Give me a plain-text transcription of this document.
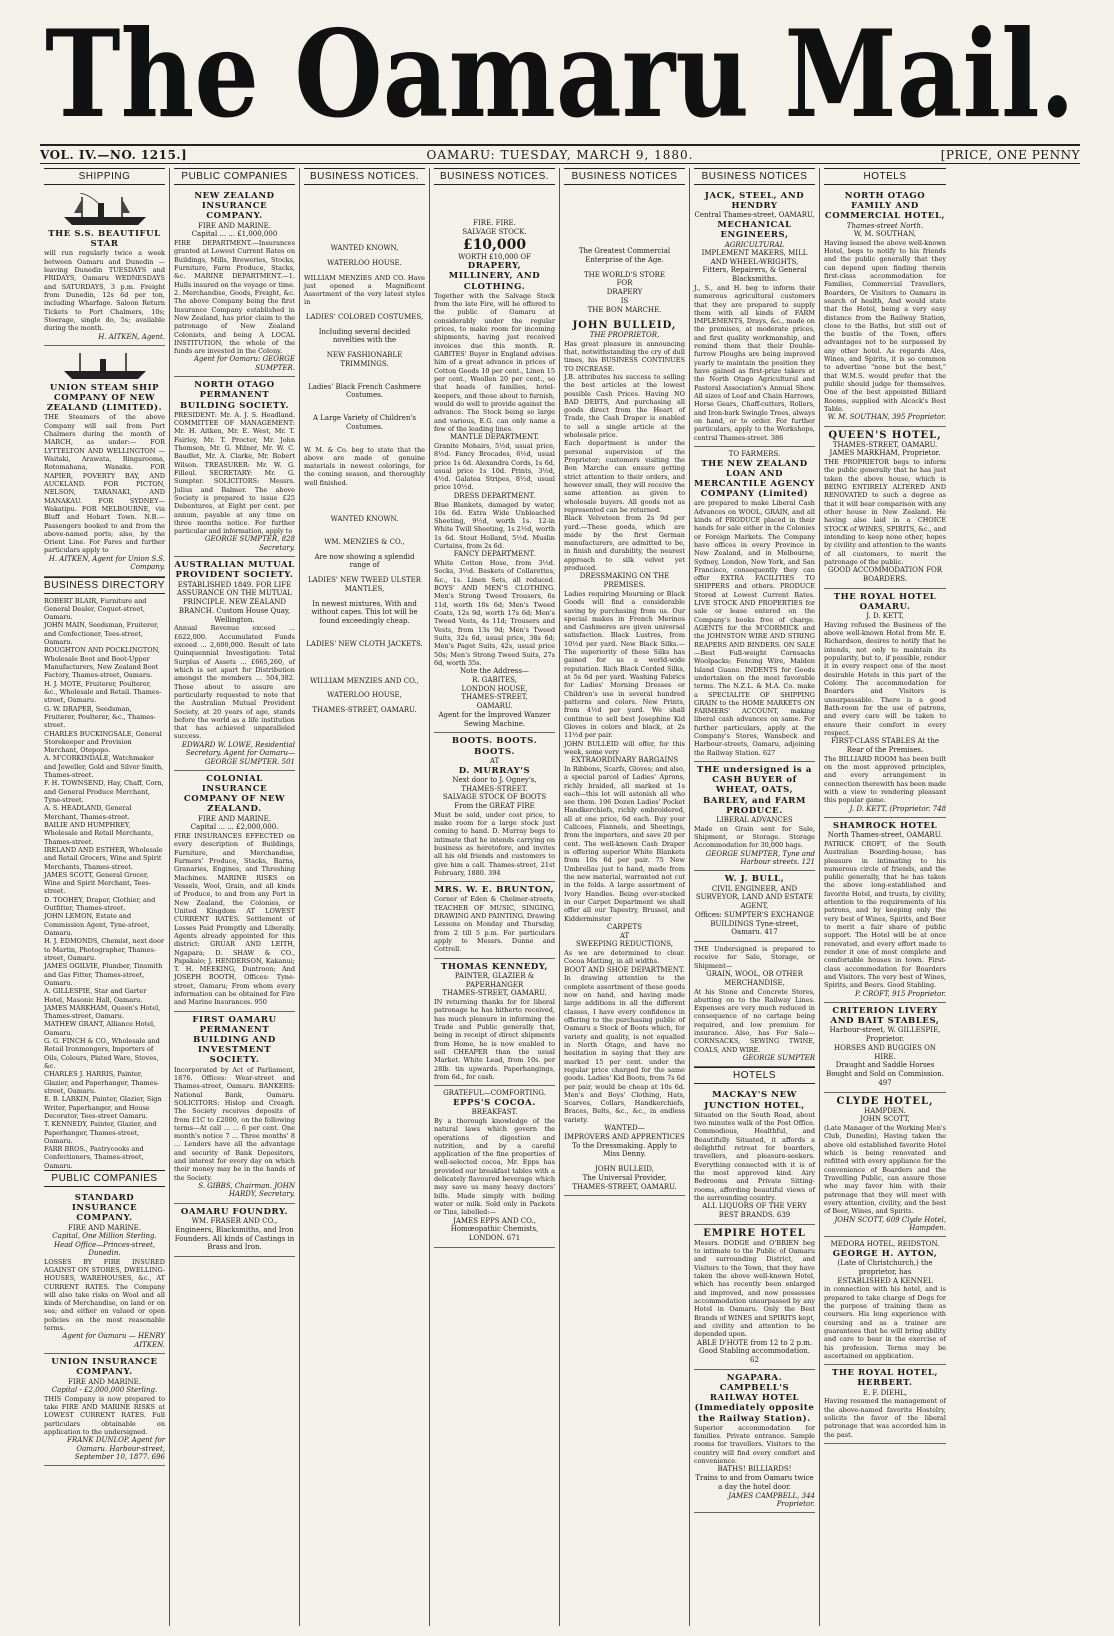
The Oamaru Mail.
VOL. IV.—NO. 1215.]	OAMARU: TUESDAY, MARCH 9, 1880.	[PRICE, ONE PENNY
SHIPPING
THE S.S. BEAUTIFUL STAR
will run regularly twice a week between Oamaru and Dunedin — leaving Dunedin TUESDAYS and FRIDAYS, Oamaru WEDNESDAYS and SATURDAYS, 3 p.m. Freight from Dunedin, 12s 6d per ton, including Wharfage. Saloon Return Tickets to Port Chalmers, 10s; Steerage, single do, 5s; available during the month.
H. AITKEN, Agent.
UNION STEAM SHIP COMPANY OF NEW ZEALAND (LIMITED).
THE Steamers of the above Company will sail from Port Chalmers during the month of MARCH, as under:— FOR LYTTELTON AND WELLINGTON — Waitaki, Arawata, Ringarooma, Rotomahana, Wanaka. FOR NAPIER, POVERTY BAY, AND AUCKLAND. FOR PICTON, NELSON, TARANAKI, AND MANAKAU. FOR SYDNEY—Wakatipu. FOR MELBOURNE, via Bluff and Hobart Town. N.B.—Passengers booked to and from the above-named ports; also, by the Orient Line. For Fares and further particulars apply to
H. AITKEN, Agent for Union S.S. Company.
BUSINESS DIRECTORY
ROBERT BLAIR, Furniture and General Dealer, Coquet-street, Oamaru.
JOHN MAIN, Seedsman, Fruiterer, and Confectioner, Tees-street, Oamaru.
ROUGHTON AND POCKLINGTON, Wholesale Boot and Boot-Upper Manufacturers, New Zealand Boot Factory, Thames-street, Oamaru.
H. J. MOTE, Fruiterer, Poulterer, &c., Wholesale and Retail. Thames-street, Oamaru.
G. W. DRAPER, Seedsman, Fruiterer, Poulterer, &c., Thames-street.
CHARLES BUCKINGSALE, General Storekeeper and Provision Merchant, Otepopo.
A. M'CORKINDALE, Watchmaker and Jeweller, Gold and Silver Smith, Thames-street.
F. H. TOWNSEND, Hay, Chaff, Corn, and General Produce Merchant, Tyne-street.
A. S. HEADLAND, General Merchant, Thames-street.
BAILIE AND HUMPHREY, Wholesale and Retail Merchants, Thames-street.
IRELAND AND ESTHER, Wholesale and Retail Grocers, Wine and Spirit Merchants, Thames-street.
JAMES SCOTT, General Grocer, Wine and Spirit Merchant, Tees-street.
D. TOOHEY, Draper, Clothier, and Outfitter, Thames-street.
JOHN LEMON, Estate and Commission Agent, Tyne-street, Oamaru.
H. J. EDMONDS, Chemist, next door to Martin, Photographer, Thames-street, Oamaru.
JAMES OGILVIE, Plumber, Tinsmith and Gas Fitter, Thames-street, Oamaru.
A. GILLESPIE, Star and Garter Hotel, Masonic Hall, Oamaru.
JAMES MARKHAM, Queen's Hotel, Thames-street, Oamaru.
MATHEW GRANT, Alliance Hotel, Oamaru.
G. G. FINCH & CO., Wholesale and Retail Ironmongers, Importers of Oils, Colours, Plated Ware, Stoves, &c.
CHARLES J. HARRIS, Painter, Glazier, and Paperhanger, Thames-street, Oamaru.
E. B. LARKIN, Painter, Glazier, Sign Writer, Paperhanger, and House Decorator, Tees-street Oamaru.
T. KENNEDY, Painter, Glazier, and Paperhanger, Thames-street, Oamaru.
FARR BROS., Pastrycooks and Confectioners, Thames-street, Oamaru.
PUBLIC COMPANIES
STANDARD INSURANCE COMPANY.
FIRE AND MARINE.
Capital, One Million Sterling. Head Office—Princes-street, Dunedin.
LOSSES BY FIRE INSURED AGAINST ON STORES, DWELLING-HOUSES, WAREHOUSES, &c., AT CURRENT RATES. The Company will also take risks on Wool and all kinds of Merchandise, on land or on sea; and either on valued or open policies on the most reasonable terms.
Agent for Oamaru — HENRY AITKEN.
UNION INSURANCE COMPANY.
FIRE AND MARINE.
Capital - £2,000,000 Sterling.
THIS Company is now prepared to take FIRE AND MARINE RISKS at LOWEST CURRENT RATES. Full particulars obtainable on application to the undersigned.
FRANK DUNLOP, Agent for Oamaru. Harbour-street, September 10, 1877. 696
PUBLIC COMPANIES
NEW ZEALAND INSURANCE COMPANY.
FIRE AND MARINE.
Capital ... ... £1,000,000
FIRE DEPARTMENT.—Insurances granted at Lowest Current Rates on Buildings, Mills, Breweries, Stocks, Furniture, Farm Produce, Stacks, &c. MARINE DEPARTMENT.—1. Hulls insured on the voyage or time. 2. Merchandise, Goods, Freight, &c. The above Company being the first Insurance Company established in New Zealand, has prior claim to the patronage of New Zealand Colonists, and being A LOCAL INSTITUTION, the whole of the funds are invested in the Colony.
Agent for Oamaru: GEORGE SUMPTER.
NORTH OTAGO PERMANENT BUILDING SOCIETY.
PRESIDENT: Mr. A. J. S. Headland. COMMITTEE OF MANAGEMENT: Mr. H. Aitken, Mr. E. West, Mr. T. Fairley, Mr. T. Procter, Mr. John Thomson, Mr. G. Milner, Mr. W. C. Baudlet, Mr. A. Clarke, Mr. Robert Wilson. TREASURER: Mr. W. G. Filleul. SECRETARY: Mr. G. Sumpter. SOLICITORS: Messrs. Julius and Balmer. The above Society is prepared to issue £25 Debentures, at Eight per cent. per annum, payable at any time on three months notice. For further particular and information, apply to
GEORGE SUMPTER, 828 Secretary.
AUSTRALIAN MUTUAL PROVIDENT SOCIETY.
ESTABLISHED 1849. FOR LIFE ASSURANCE ON THE MUTUAL PRINCIPLE. NEW ZEALAND BRANCH. Custom House Quay, Wellington.
Annual Revenue exceed ... £622,000. Accumulated Funds exceed ... 2,600,000. Result of late Quinquennial Investigation: Total Surplus of Assets ... £665,260, of which is set apart for Distribution amongst the members ... 504,382. Those about to assure are particularly requested to note that the Australian Mutual Provident Society, at 20 years of age, stands before the world as a life institution that has achieved unparalleled success.
EDWARD W. LOWE, Residential Secretary. Agent for Oamaru— GEORGE SUMPTER. 501
COLONIAL INSURANCE COMPANY OF NEW ZEALAND.
FIRE AND MARINE.
Capital ... ... £2,000,000.
FIRE INSURANCES EFFECTED on every description of Buildings, Furniture, and Merchandise, Farmers' Produce, Stacks, Barns, Granaries, Engines, and Threshing Machines. MARINE RISKS on Vessels, Wool, Grain, and all kinds of Produce, to and from any Port in New Zealand, the Colonies, or United Kingdom AT LOWEST CURRENT RATES. Settlement of Losses Paid Promptly and Liberally. Agents already appointed for this district: GRUAR AND LEITH, Ngapara; D. SHAW & CO., Papakaio; J. HENDERSON, Kakanui; T. H. MEEKING, Duntroon; And JOSEPH BOOTH, Offices: Tyne-street, Oamaru; From whom every information can be obtained for Fire and Marine Insurances. 950
FIRST OAMARU PERMANENT BUILDING AND INVESTMENT SOCIETY.
Incorporated by Act of Parliament, 1876. Offices: Wear-street and Thames-street, Oamaru. BANKERS: National Bank, Oamaru. SOLICITORS: Hislop and Creagh. The Society receives deposits of from £1C to £2000, on the following terms—At call ... ... 6 per cent. One month's notice 7 ... Three months' 8 ... Lenders have all the advantage and security of Bank Depositors, and interest for every day on which their money may be in the hands of the Society.
S. GIBBS, Chairman. JOHN HARDY, Secretary.
OAMARU FOUNDRY.
WM. FRASER AND CO., Engineers, Blacksmiths, and Iron Founders. All kinds of Castings in Brass and Iron.
BUSINESS NOTICES.
WANTED KNOWN,
WATERLOO HOUSE.
WILLIAM MENZIES AND CO. Have just opened a Magnificent Assortment of the very latest styles in
LADIES' COLORED COSTUMES,
Including several decided novelties with the
NEW FASHIONABLE TRIMMINGS.
Ladies' Black French Cashmere Costumes.
A Large Variety of Children's Costumes.
W. M. & Co. beg to state that the above are made of genuine materials in newest colorings, for the coming season, and thoroughly well finished.
WANTED KNOWN.
WM. MENZIES & CO.,
Are now showing a splendid range of
LADIES' NEW TWEED ULSTER MANTLES,
In newest mixtures, With and without capes. This lot will be found exceedingly cheap.
LADIES' NEW CLOTH JACKETS.
WILLIAM MENZIES AND CO.,
WATERLOO HOUSE,
THAMES-STREET, OAMARU.
BUSINESS NOTICES.
FIRE. FIRE.
SALVAGE STOCK.
£10,000
WORTH £10,000 OF
DRAPERY, MILLINERY, AND CLOTHING.
Together with the Salvage Stock from the late Fire, will be offered to the public of Oamaru at considerably under the regular prices, to make room for incoming shipments, having just received invoices due this month. R. GABITES' Buyer in England advises him of a great advance in prices of Cotton Goods 10 per cent., Linen 15 per cent., Woollen 20 per cent., so that heads of families, hotel-keepers, and those about to furnish, would do well to provide against the advance. The Stock being so large and various, E.G. can only name a few of the leading lines.
MANTLE DEPARTMENT.
Granite Mohairs, 5½d, usual price, 8½d. Fancy Brocades, 6½d, usual price 1s 6d. Alexandra Cords, 1s 6d, usual price 1s 10d. Prints, 3½d, 4½d. Galatea Stripes, 8½d, usual price 10½d.
DRESS DEPARTMENT.
Blue Blankets, damaged by water, 10s 6d. Extra Wide Unbleached Sheeting, 9½d, worth 1s. 12-in White Twill Sheeting, 1s 2½d, worth 1s 6d. Stout Holland, 5½d. Muslin Curtains, from 2s 6d.
FANCY DEPARTMENT.
White Cotton Hose, from 3½d. Socks, 3½d. Baskets of Collarettes, &c., 1s. Linen Sets, all reduced. BOYS' AND MEN'S CLOTHING. Men's Strong Tweed Trousers, 6s 11d, worth 10s 6d; Men's Tweed Coats, 12s 9d, worth 17s 6d; Men's Tweed Vests, 4s 11d; Trousers and Vests, from 13s 9d; Men's Tweed Suits, 32s 6d, usual price, 38s 6d; Men's Paget Suits, 42s, usual price 50s; Men's Strong Tweed Suits, 27s 6d, worth 35s.
Note the Address—
R. GABITES,
LONDON HOUSE,
THAMES-STREET,
OAMARU.
Agent for the Improved Wanzer Sewing Machine.
BOOTS. BOOTS. BOOTS.
AT
D. MURRAY'S
Next door to J. Ogney's, THAMES-STREET.
SALVAGE STOCK OF BOOTS From the GREAT FIRE
Must be sold, under cost price, to make room for a large stock just coming to hand. D. Murray begs to intimate that he intends carrying on business as heretofore, and invites all his old friends and customers to give him a call. Thames-street, 21st February, 1880. 394
MRS. W. E. BRUNTON,
Corner of Eden & Chelmer-streets, TEACHER OF MUSIC, SINGING, DRAWING AND PAINTING. Drawing Lessons on Monday and Thursday, from 2 till 5 p.m. For particulars apply to Messrs. Dunne and Cottrell.
THOMAS KENNEDY,
PAINTER, GLAZIER & PAPERHANGER
THAMES-STREET, OAMARU.
IN returning thanks for for liberal patronage he has hitherto received, has much pleasure in informing the Trade and Public generally that, being in receipt of direct shipments from Home, he is now enabled to sell CHEAPER than the usual Market. White Lead, from 10s. per 28lb. tin upwards. Paperhangings, from 6d., for cash.
GRATEFUL—COMFORTING.
EPPS'S COCOA.
BREAKFAST.
By a thorough knowledge of the natural laws which govern the operations of digestion and nutrition, and by a careful application of the fine properties of well-selected cocoa, Mr. Epps has provided our breakfast tables with a delicately flavoured beverage which may save us many heavy doctors' bills. Made simply with boiling water or milk. Sold only in Packets or Tins, labelled:—
JAMES EPPS AND CO., Homœopathic Chemists, LONDON. 671
BUSINESS NOTICES
The Greatest Commercial Enterprise of the Age.
THE WORLD'S STORE
FOR
DRAPERY
IS
THE BON MARCHE.
JOHN BULLEID,
THE PROPRIETOR,
Has great pleasure in announcing that, notwithstanding the cry of dull times, his BUSINESS CONTINUES TO INCREASE.
J.B. attributes his success to selling the best articles at the lowest possible Cash Prices. Having NO BAD DEBTS, And purchasing all goods direct from the Heart of Trade, the Cash Draper is enabled to sell a single article at the wholesale price.
Each department is under the personal supervision of the Proprietor; customers visiting the Bon Marche can ensure getting strict attention to their orders, and however small, they will receive the same attention as given to wholesale buyers. All goods not as represented can be returned.
Black Velveteen from 2s 9d per yard.—These goods, which are made by the first German manufacturers, are admitted to be, in finish and durability, the nearest approach to silk velvet yet produced.
DRESSMAKING ON THE PREMISES.
Ladies requiring Mourning or Black Goods will find a considerable saving by purchasing from us. Our special makes in French Merinos and Cashmeres are given universal satisfaction. Black Lustres, from 10½d per yard. New Black Silks.—The superiority of these Silks has gained for us a world-wide reputation. Rich Black Corded Silks, at 5s 6d per yard. Washing Fabrics for Ladies' Morning Dresses or Children's use in several hundred patterns and colors. New Prints, from 4½d per yard. We shall continue to sell best Josephine Kid Gloves in colors and black, at 2s 11½d per pair.
JOHN BULLEID will offer, for this week, some very
EXTRAORDINARY BARGAINS
In Ribbons, Scarfs, Gloves; and also, a special parcel of Ladies' Aprons, richly braided, all marked at 1s each—this lot will astonish all who see them. 196 Dozen Ladies' Pocket Handkerchiefs, richly embroidered, all at one price, 6d each. Buy your Calicoes, Flannels, and Sheetings, from the importers, and save 20 per cent. The well-known Cash Draper is offering superior White Blankets from 10s 6d per pair. 75 New Umbrellas just to hand, made from the new material, warranted not cut in the folds. A large assortment of Ivory Handles. Being over-stocked in our Carpet Department we shall offer all our Tapestry, Brussel, and Kidderminster
CARPETS
AT
SWEEPING REDUCTIONS,
As we are determined to clear. Cocoa Matting, in all widths.
BOOT AND SHOE DEPARTMENT.
In drawing attention to the complete assortment of these goods now on hand, and having made large additions in all the different classes, I have every confidence in offering to the purchasing public of Oamaru a Stock of Boots which, for variety and quality, is not equalled in North Otago, and have no hesitation in saying that they are marked 15 per cent. under the regular price charged for the same goods. Ladies' Kid Boots, from 7s 6d per pair, would be cheap at 10s 6d. Men's and Boys' Clothing, Hats, Scarves, Collars, Handkerchiefs, Braces, Belts, &c., &c., in endless variety.
WANTED—
IMPROVERS AND APPRENTICES
To the Dressmaking. Apply to Miss Denny.
JOHN BULLEID,
The Universal Provider,
THAMES-STREET, OAMARU.
BUSINESS NOTICES
JACK, STEEL, AND HENDRY
Central Thames-street, OAMARU,
MECHANICAL ENGINEERS,
AGRICULTURAL
IMPLEMENT MAKERS, MILL AND WHEEL-WRIGHTS,
Fitters, Repairers, & General Blacksmiths.
J., S., and H. beg to inform their numerous agricultural customers that they are prepared to supply them with all kinds of FARM IMPLEMENTS, Drays, &c., made on the premises, at moderate prices, and first quality workmanship, and remind them that their Double-furrow Ploughs are being improved yearly to maintain the position they have gained as first-prize takers at the North Otago Agricultural and Pastoral Association's Annual Show. All sizes of Leaf and Chain Harrows, Horse Gears, Chaff-cutters, Rollers, and Iron-bark Swingle Trees, always on hand, or to order. For further particulars, apply to the Workshops, central Thames-street. 386
TO FARMERS.
THE NEW ZEALAND LOAN AND MERCANTILE AGENCY COMPANY (Limited)
are prepared to make Liberal Cash Advances on WOOL, GRAIN, and all kinds of PRODUCE placed in their hands for sale either in the Colonies or Foreign Markets. The Company have offices in every Province in New Zealand, and in Melbourne, Sydney, London, New York, and San Francisco, consequently they can offer EXTRA FACILITIES TO SHIPPERS and others. PRODUCE Stored at Lowest Current Rates. LIVE STOCK AND PROPERTIES for sale or lease entered on the Company's books free of charge. AGENTS for the M'CORMICK and the JOHNSTON WIRE AND STRING REAPERS AND BINDERS. ON SALE—Best Full-weight Cornsacks Woolpacks; Fencing Wire, Malden Island Guano. INDENTS for Goods undertaken on the most favorable terms. The N.Z.L. & M.A. Co. make a SPECIALITE OF SHIPPING GRAIN to the HOME MARKETS ON FARMERS' ACCOUNT, making liberal cash advances on same. For further particulars, apply at the Company's Stores, Wansbeck and Harbour-streets, Oamaru, adjoining the Railway Station. 627
THE undersigned is a CASH BUYER of WHEAT, OATS, BARLEY, and FARM PRODUCE.
LIBERAL ADVANCES
Made on Grain sent for Sale, Shipment, or Storage. Storage Accommodation for 30,000 bags.
GEORGE SUMPTER, Tyne and Harbour streets. 121
W. J. BULL,
CIVIL ENGINEER, AND SURVEYOR, LAND AND ESTATE AGENT,
Offices: SUMPTER'S EXCHANGE BUILDINGS Tyne-street, Oamaru. 417
THE Undersigned is prepared to receive for Sale, Storage, or Shipment—
GRAIN, WOOL, OR OTHER MERCHANDISE,
At his Stone and Concrete Stores, abutting on to the Railway Lines. Expenses are very much reduced in consequence of no cartage being required, and low premium for insurance. Also, has For Sale— CORNSACKS, SEWING TWINE, COALS, AND WIRE.
GEORGE SUMPTER
HOTELS
MACKAY'S NEW JUNCTION HOTEL,
Situated on the South Road, about two minutes walk of the Post Office. Commodious, Healthful, and Beautifully Situated, it affords a delightful retreat for boarders, travellers, and pleasure-seekers. Everything connected with it is of the most approved kind. Airy Bedrooms and Private Sitting-rooms, affording beautiful views of the surrounding country.
ALL LIQUORS OF THE VERY BEST BRANDS. 639
EMPIRE HOTEL
Messrs. DODGE and O'BRIEN beg to intimate to the Public of Oamaru and surrounding District, and Visitors to the Town, that they have taken the above well-known Hotel, which has recently been enlarged and improved, and now possesses accommodation unsurpassed by any Hotel in Oamaru. Only the Best Brands of WINES and SPIRITS kept, and civility and attention to be depended upon.
ABLE D'HOTE from 12 to 2 p.m.
Good Stabling accommodation. 62
NGAPARA.
CAMPBELL'S RAILWAY HOTEL (Immediately opposite the Railway Station).
Superior accommodation for families. Private entrance. Sample rooms for travellers. Visitors to the country will find every comfort and convenience.
BATHS! BILLIARDS!
Trains to and from Oamaru twice a day the hotel door.
JAMES CAMPBELL, 344 Proprietor.
HOTELS
NORTH OTAGO FAMILY AND COMMERCIAL HOTEL,
Thames-street North.
W. M. SOUTHAN,
Having leased the above well-known Hotel, begs to notify to his friends and the public generally that they can depend upon finding therein first-class accommodation for Families, Commercial Travellers, Boarders, Or Visitors to Oamaru in search of health, And would state that the Hotel, being a very easy distance from the Railway Station, close to the Baths, but still out of the bustle of the Town, offers advantages not to be surpassed by any other hotel. As regards Ales, Wines, and Spirits, it is so common to advertise "none but the best," that W.M.S. would prefer that the public should judge for themselves. One of the best appointed Billiard Rooms, supplied with Alcock's Best Table.
W. M. SOUTHAN, 395 Proprietor.
QUEEN'S HOTEL,
THAMES-STREET, OAMARU.
JAMES MARKHAM, Proprietor.
THE PROPRIETOR begs to inform the public generally that he has just taken the above house, which is BEING ENTIRELY ALTERED AND RENOVATED to such a degree as that it will bear comparison with any other house in New Zealand. He having also laid in a CHOICE STOCK of WINES, SPIRITS, &c., and intending to keep none other, hopes by civility and attention to the wants of all customers, to merit the patronage of the public.
GOOD ACCOMMODATION FOR BOARDERS.
THE ROYAL HOTEL OAMARU.
J. D. KETT,
Having refused the Business of the above well-known Hotel from Mr. E. Richardson, desires to notify that he intends, not only to maintain its popularity, but to, if possible, render it in every respect one of the most desirable Hotels in this part of the Colony. The accommodation for Boarders and Visitors is unsurpassable. There is a good Bath-room for the use of patrons, and every care will be taken to ensure their comfort in every respect.
FIRST-CLASS STABLES At the Rear of the Premises.
The BILLIARD ROOM has been built on the most approved principles, and every arrangement in connection therewith has been made with a view to rendering pleasant this popular game.
J. D. KETT, (Proprietor. 748
SHAMROCK HOTEL
North Thames-street, OAMARU.
PATRICK CROFT, of the South Australian Boarding-house, has pleasure in intimating to his numerous circle of friends, and the public generally, that he has taken the above long-established and favorite Hotel, and trusts, by civility, attention to the requirements of his patrons, and by keeping only the very best of Wines, Spirits, and Beer to merit a fair share of public support. The Hotel will be at once renovated, and every effort made to render it one of most complete and comfortable houses in town. First-class accommodation for Boarders and Visitors. The very best of Wines, Spirits, and Beers. Good Stabling.
P. CROFT, 915 Proprietor.
CRITERION LIVERY AND BAIT STABLES,
Harbour-street, W. GILLESPIE, Proprietor.
HORSES AND BUGGIES ON HIRE.
Draught and Saddle Horses Bought and Sold on Commission. 497
CLYDE HOTEL,
HAMPDEN.
JOHN SCOTT,
(Late Manager of the Working Men's Club, Dunedin), Having taken the above old established favorite Hotel which is being renovated and refitted with every appliance for the convenience of Boarders and the Travelling Public, can assure those who may favor him with their patronage that they will meet with every attention, civility, and the best of Beer, Wines, and Spirits.
JOHN SCOTT, 609 Clyde Hotel, Hampden.
MEDORA HOTEL, REIDSTON.
GEORGE H. AYTON,
(Late of Christchurch,) the proprietor, has
ESTABLISHED A KENNEL
in connection with his hotel, and is prepared to take charge of Dogs for the purpose of training them as coursers. His long experience with coursing and as a trainer are guarantees that he will bring ability and care to bear in the exercise of his profession. Terms may be ascertained on application.
THE ROYAL HOTEL, HERBERT.
E. F. DIEHL,
Having resumed the management of the above-named favorite Hostelry, solicits the favor of the liberal patronage that was accorded him in the past.
